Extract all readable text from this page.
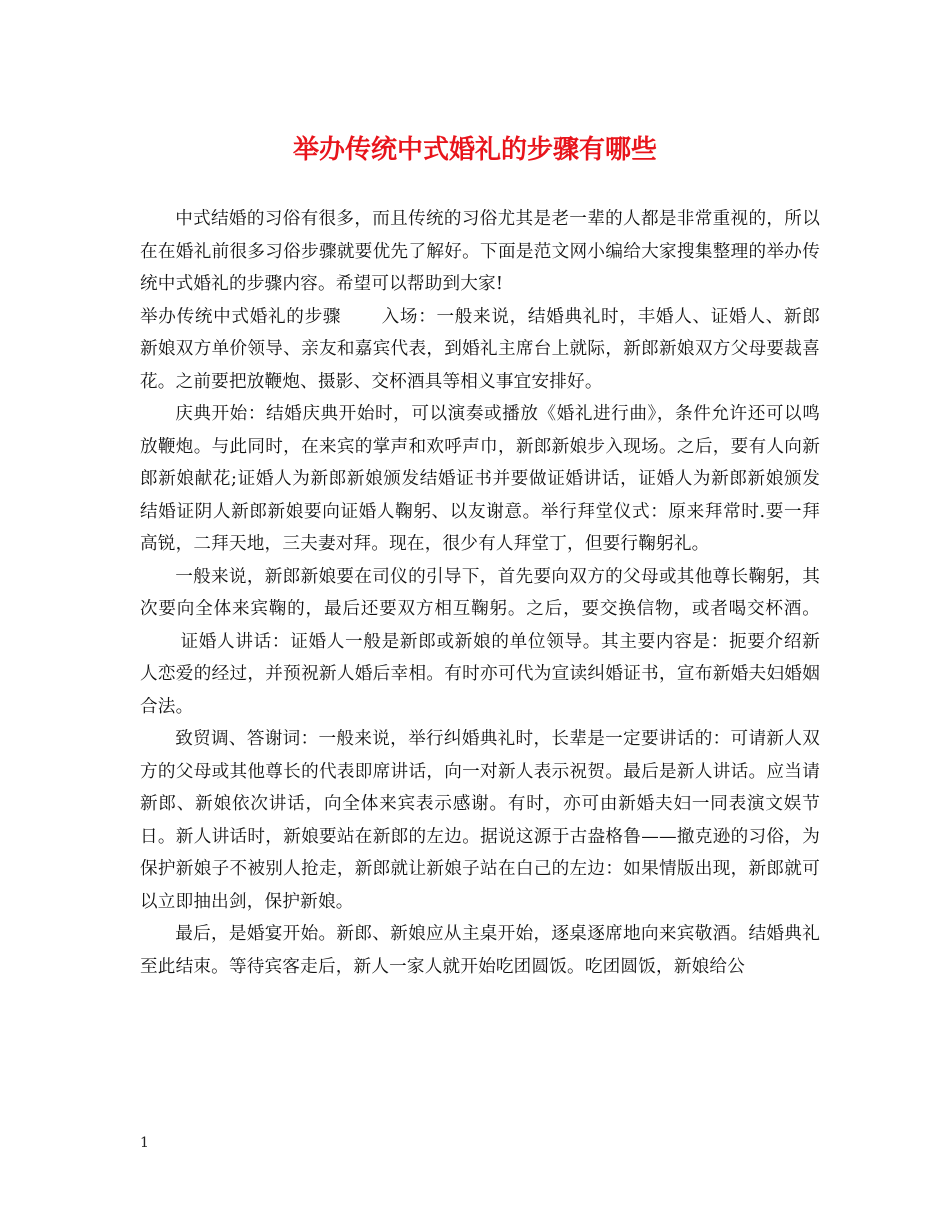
举办传统中式婚礼的步骤有哪些

中式结婚的习俗有很多，而且传统的习俗尤其是老一辈的人都是非常重视的，所以在在婚礼前很多习俗步骤就要优先了解好。下面是范文网小编给大家搜集整理的举办传统中式婚礼的步骤内容。希望可以帮助到大家!

举办传统中式婚礼的步骤 入场：一般来说，结婚典礼时，丰婚人、证婚人、新郎新娘双方单价领导、亲友和嘉宾代表，到婚礼主席台上就际，新郎新娘双方父母要裁喜花。之前要把放鞭炮、摄影、交杯酒具等相义事宜安排好。

庆典开始：结婚庆典开始时，可以演奏或播放《婚礼进行曲》，条件允许还可以鸣放鞭炮。与此同时，在来宾的掌声和欢呼声巾，新郎新娘步入现场。之后，要有人向新郎新娘献花;证婚人为新郎新娘颁发结婚证书并要做证婚讲话，证婚人为新郎新娘颁发结婚证阴人新郎新娘要向证婚人鞠躬、以友谢意。举行拜堂仪式：原来拜常时.要一拜高锐，二拜天地，三夫妻对拜。现在，很少有人拜堂丁，但要行鞠躬礼。

一般来说，新郎新娘要在司仪的引导下，首先要向双方的父母或其他尊长鞠躬，其次要向全体来宾鞠的，最后还要双方相互鞠躬。之后，要交换信物，或者喝交杯酒。证婚人讲话：证婚人一般是新郎或新娘的单位领导。其主要内容是：扼要介绍新人恋爱的经过，并预祝新人婚后幸相。有时亦可代为宣读纠婚证书，宣布新婚夫妇婚姻合法。

致贸调、答谢词：一般来说，举行纠婚典礼时，长辈是一定要讲话的：可请新人双方的父母或其他尊长的代表即席讲话，向一对新人表示祝贺。最后是新人讲话。应当请新郎、新娘依次讲话，向全体来宾表示感谢。有时，亦可由新婚夫妇一同表演文娱节日。新人讲话时，新娘要站在新郎的左边。据说这源于古盎格鲁——撤克逊的习俗，为保护新娘子不被别人抢走，新郎就让新娘子站在白己的左边：如果情版出现，新郎就可以立即抽出剑，保护新娘。

最后，是婚宴开始。新郎、新娘应从主桌开始，逐桌逐席地向来宾敬酒。结婚典礼至此结朿。等待宾客走后，新人一家人就开始吃团圆饭。吃团圆饭，新娘给公

1
